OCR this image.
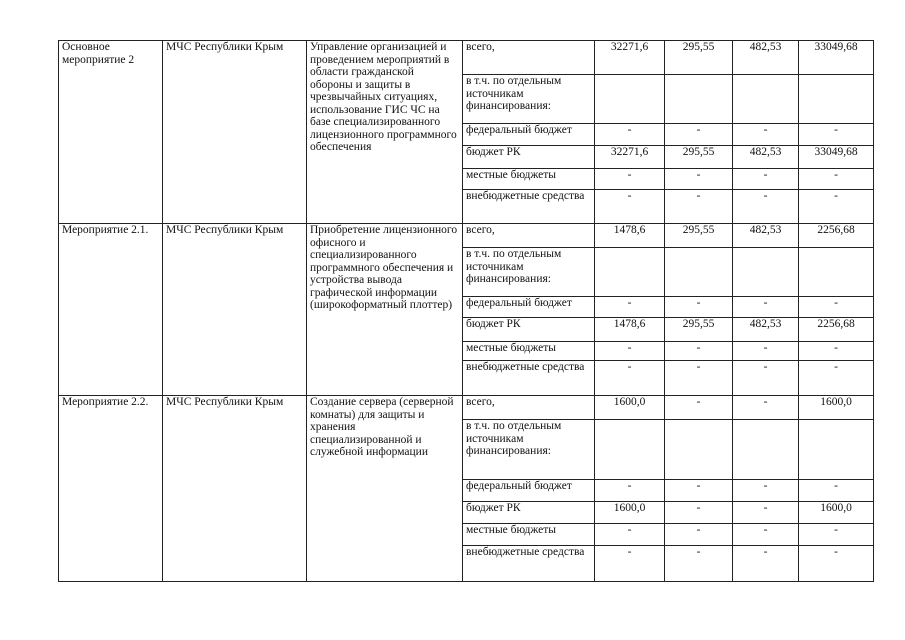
Основное мероприятие 2	МЧС Республики Крым	Управление организацией и проведением мероприятий в области гражданской обороны и защиты в чрезвычайных ситуациях, использование ГИС ЧС на базе специализированного лицензионного программного обеспечения	всего,	32271,6	295,55	482,53	33049,68
			в т.ч. по отдельным источникам финансирования:				
			федеральный бюджет	-	-	-	-
			бюджет РК	32271,6	295,55	482,53	33049,68
			местные бюджеты	-	-	-	-
			внебюджетные средства	-	-	-	-
Мероприятие 2.1.	МЧС Республики Крым	Приобретение лицензионного офисного и специализированного программного обеспечения и устройства вывода графической информации (широкоформатный плоттер)	всего,	1478,6	295,55	482,53	2256,68
			в т.ч. по отдельным источникам финансирования:				
			федеральный бюджет	-	-	-	-
			бюджет РК	1478,6	295,55	482,53	2256,68
			местные бюджеты	-	-	-	-
			внебюджетные средства	-	-	-	-
Мероприятие 2.2.	МЧС Республики Крым	Создание сервера (серверной комнаты) для защиты и хранения специализированной и служебной информации	всего,	1600,0	-	-	1600,0
			в т.ч. по отдельным источникам финансирования:				
			федеральный бюджет	-	-	-	-
			бюджет РК	1600,0	-	-	1600,0
			местные бюджеты	-	-	-	-
			внебюджетные средства	-	-	-	-
